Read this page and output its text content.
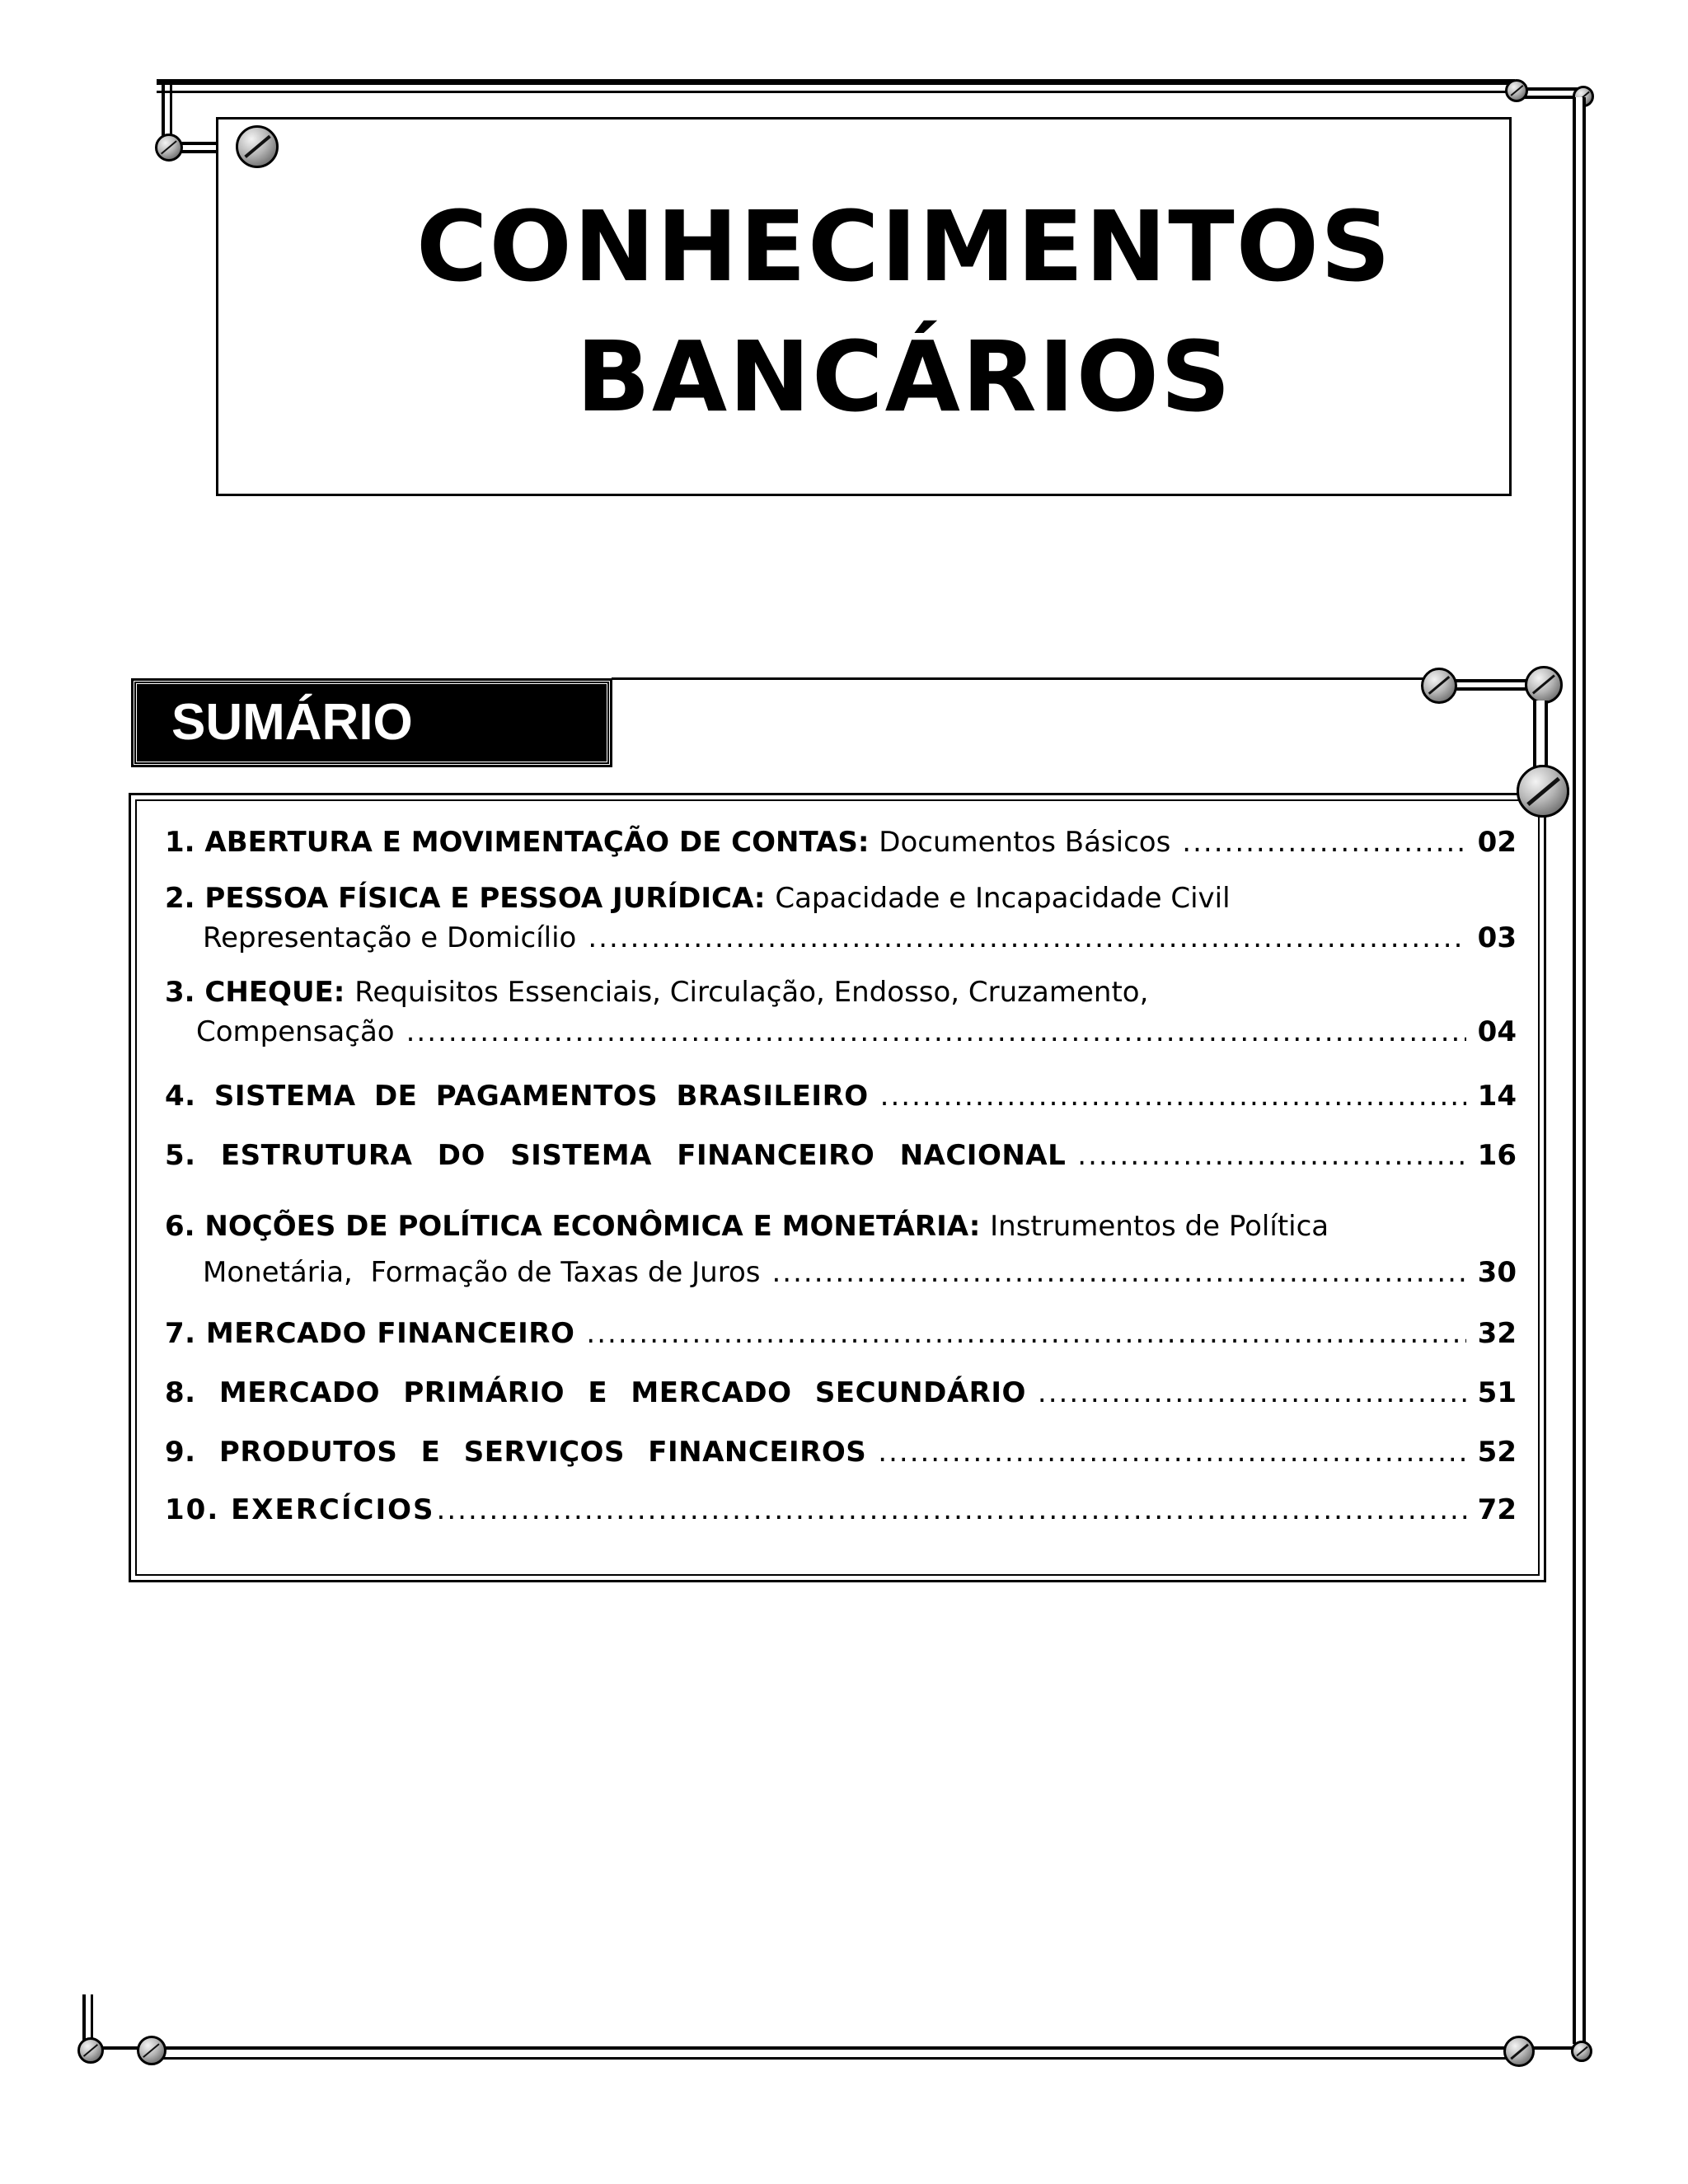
CONHECIMENTOS
BANCÁRIOS
SUMÁRIO
1. ABERTURA E MOVIMENTAÇÃO DE CONTAS: Documentos Básicos .....	02
2. PESSOA FÍSICA E PESSOA JURÍDICA: Capacidade e Incapacidade Civil
Representação e Domicílio .....	03
3. CHEQUE: Requisitos Essenciais, Circulação, Endosso, Cruzamento,
Compensação .....	04
4. SISTEMA DE PAGAMENTOS BRASILEIRO .....	14
5. ESTRUTURA DO SISTEMA FINANCEIRO NACIONAL .....	16
6. NOÇÕES DE POLÍTICA ECONÔMICA E MONETÁRIA: Instrumentos de Política
Monetária,  Formação de Taxas de Juros .....	30
7. MERCADO FINANCEIRO .....	32
8. MERCADO PRIMÁRIO E MERCADO SECUNDÁRIO .....	51
9. PRODUTOS E SERVIÇOS FINANCEIROS .....	52
10. EXERCÍCIOS .....	72
